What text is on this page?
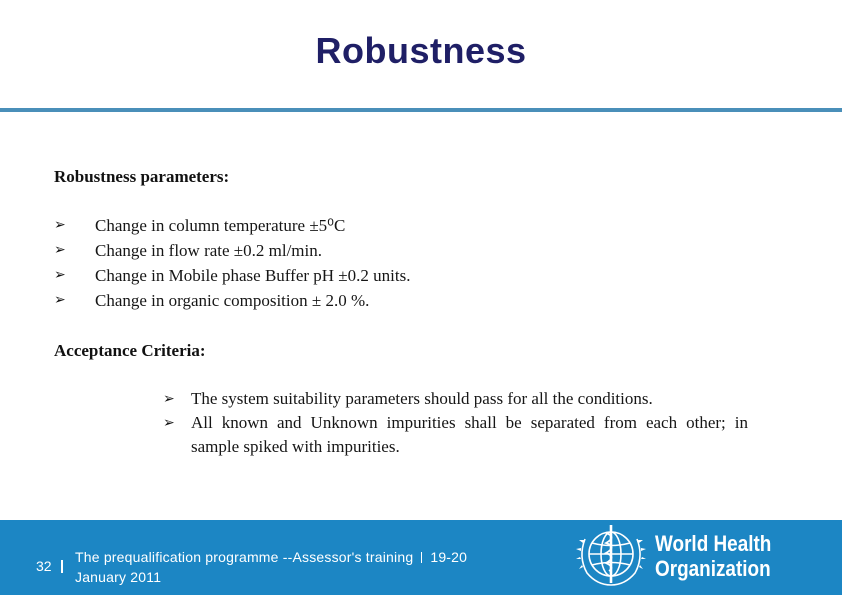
Robustness
Robustness parameters:
➢ Change in column temperature ±5⁰C
➢ Change in flow rate ±0.2 ml/min.
➢ Change in Mobile phase Buffer pH ±0.2 units.
➢ Change in organic composition ± 2.0 %.
Acceptance Criteria:
➢ The system suitability parameters should pass for all the conditions.
➢ All known and Unknown impurities shall be separated from each other; in sample spiked with impurities.
32
The prequalification programme --Assessor's training 19-20
January 2011
World Health
Organization
